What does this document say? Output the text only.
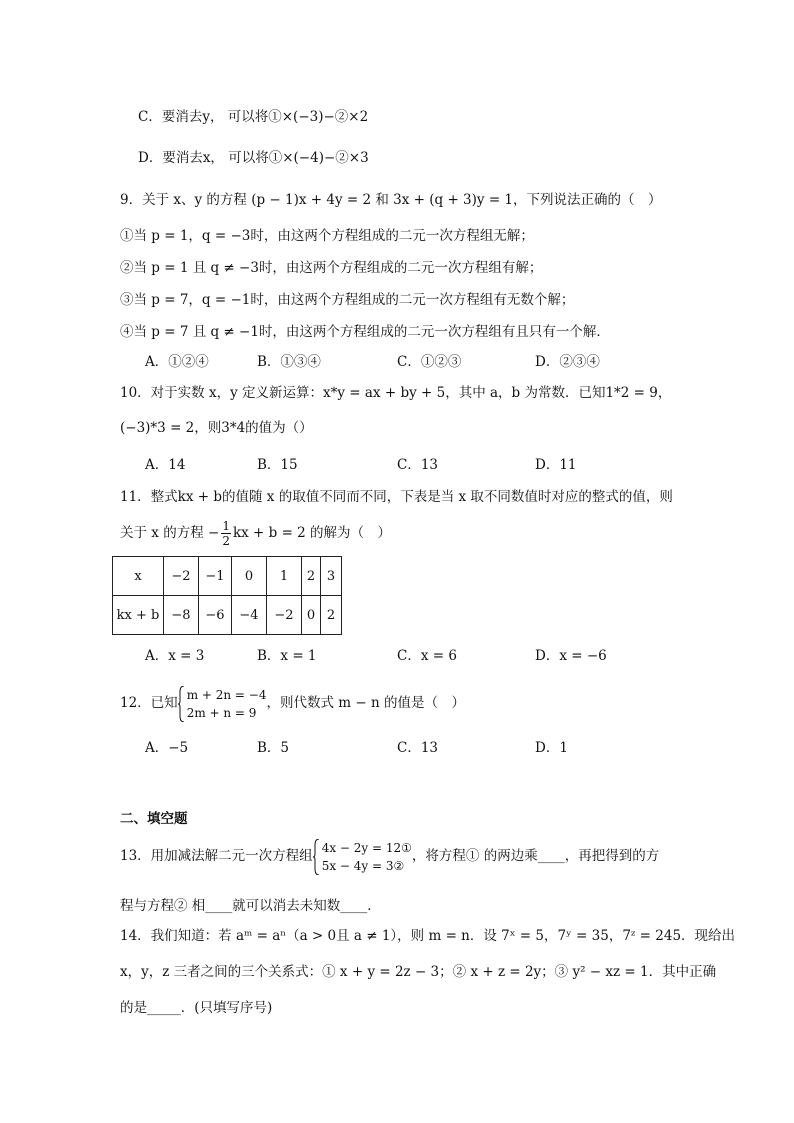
C．要消去y， 可以将①×(−3)−②×2
D．要消去x， 可以将①×(−4)−②×3
9．关于 x、y 的方程 (p − 1)x + 4y = 2 和 3x + (q + 3)y = 1，下列说法正确的（　）
①当 p = 1，q = −3时，由这两个方程组成的二元一次方程组无解；
②当 p = 1 且 q ≠ −3时，由这两个方程组成的二元一次方程组有解；
③当 p = 7，q = −1时，由这两个方程组成的二元一次方程组有无数个解；
④当 p = 7 且 q ≠ −1时，由这两个方程组成的二元一次方程组有且只有一个解．
A．①②④	B．①③④	C．①②③	D．②③④
10．对于实数 x，y 定义新运算：x*y = ax + by + 5，其中 a，b 为常数．已知1*2 = 9，
(−3)*3 = 2，则3*4的值为（）
A．14	B．15	C．13	D．11
11．整式kx + b的值随 x 的取值不同而不同，下表是当 x 取不同数值时对应的整式的值，则
关于 x 的方程 − $\frac{1}{2}$ kx + b = 2 的解为（　）
x	−2	−1	0	1	2	3
kx + b	−8	−6	−4	−2	0	2
A．x = 3	B．x = 1	C．x = 6	D．x = −6
12．已知
m + 2n = −4
2m + n = 9
，则代数式 m − n 的值是（　）
A．−5	B．5	C．13	D．1
二、填空题
13．用加减法解二元一次方程组
4x − 2y = 12①
5x − 4y = 3②
，将方程① 的两边乘____，再把得到的方
程与方程② 相____就可以消去未知数____．
14．我们知道：若 aᵐ = aⁿ（a > 0且 a ≠ 1），则 m = n．设 7ˣ = 5，7ʸ = 35，7ᶻ = 245．现给出
x，y，z 三者之间的三个关系式：① x + y = 2z − 3；② x + z = 2y；③ y² − xz = 1．其中正确
的是_____．(只填写序号)
